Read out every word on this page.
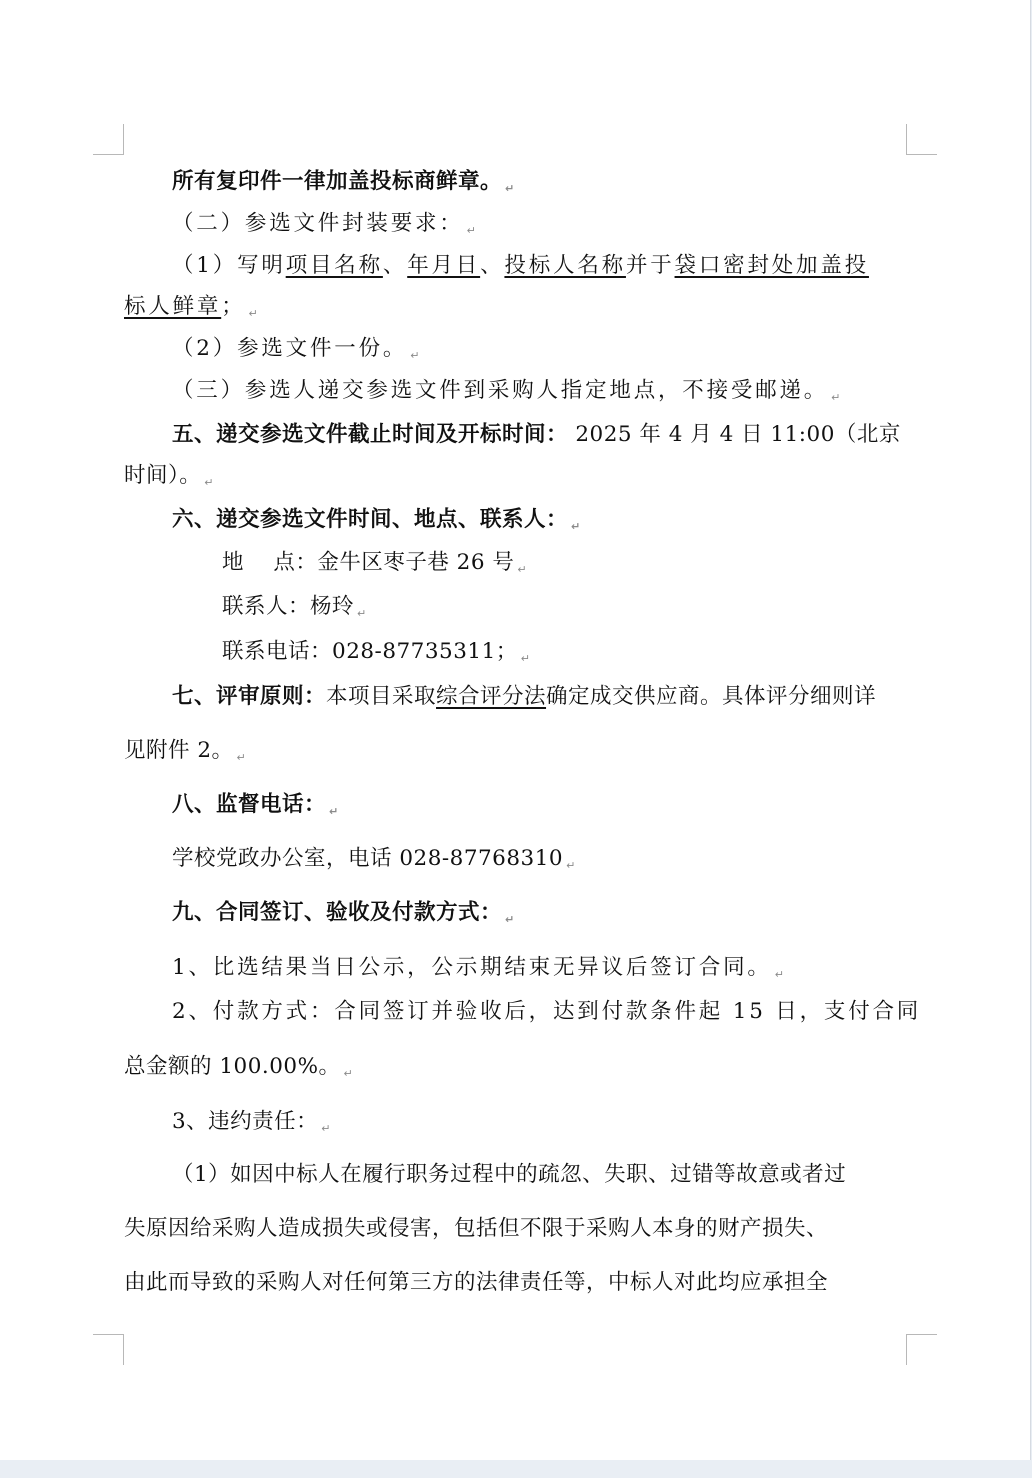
所有复印件一律加盖投标商鲜章。 ↵
（二）参选文件封装要求： ↵
（1）写明项目名称、年月日、投标人名称并于袋口密封处加盖投
标人鲜章； ↵
（2）参选文件一份。 ↵
（三）参选人递交参选文件到采购人指定地点，不接受邮递。 ↵
五、递交参选文件截止时间及开标时间： 2025 年 4 月 4 日 11:00（北京
时间）。 ↵
六、递交参选文件时间、地点、联系人： ↵
地　 点：金牛区枣子巷 26 号 ↵
联系人：杨玲 ↵
联系电话：028-87735311； ↵
七、评审原则：本项目采取综合评分法确定成交供应商。具体评分细则详
见附件 2。 ↵
八、监督电话： ↵
学校党政办公室，电话 028-87768310 ↵
九、合同签订、验收及付款方式： ↵
1、比选结果当日公示，公示期结束无异议后签订合同。 ↵
2、付款方式：合同签订并验收后，达到付款条件起 15 日，支付合同
总金额的 100.00%。 ↵
3、违约责任： ↵
（1）如因中标人在履行职务过程中的疏忽、失职、过错等故意或者过
失原因给采购人造成损失或侵害，包括但不限于采购人本身的财产损失、
由此而导致的采购人对任何第三方的法律责任等，中标人对此均应承担全
